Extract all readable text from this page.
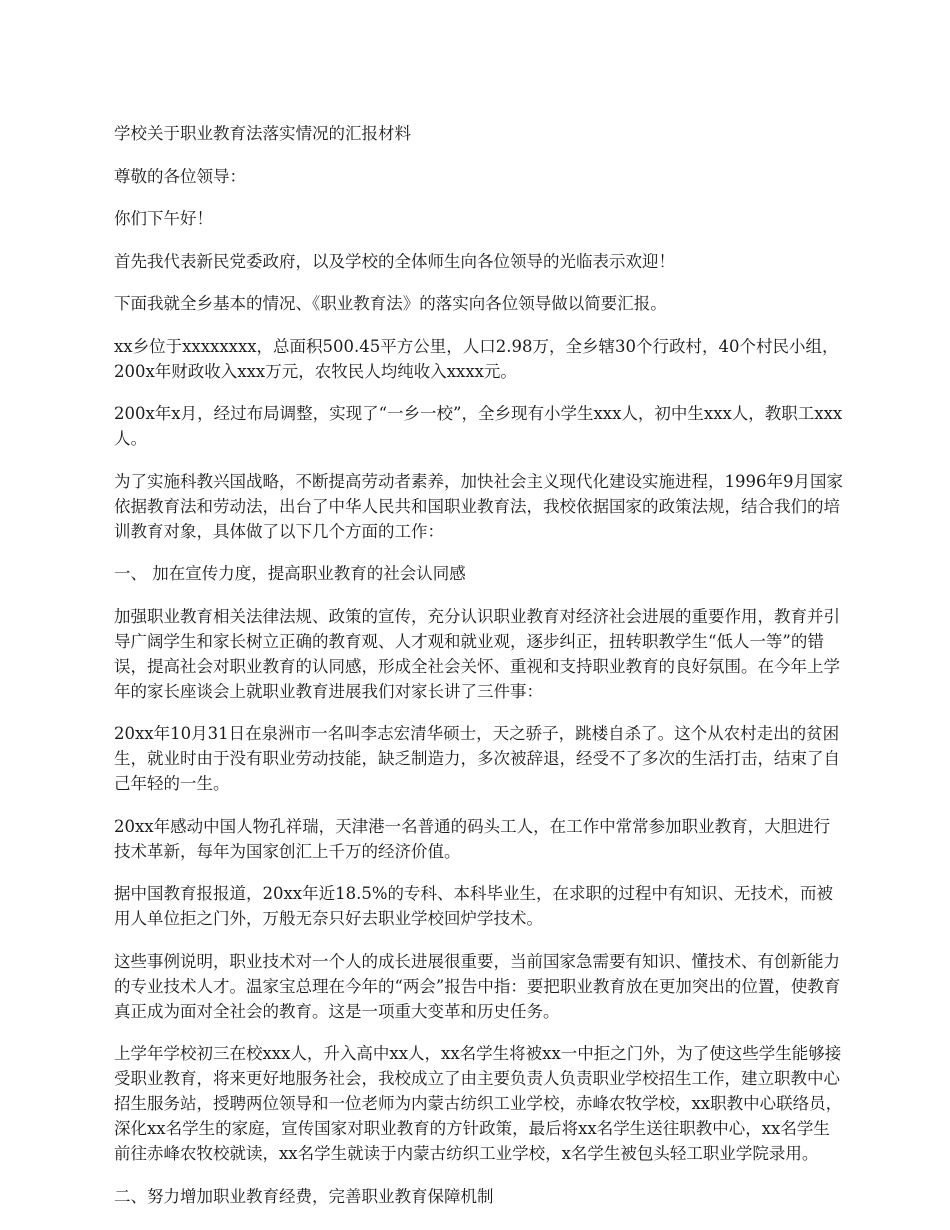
学校关于职业教育法落实情况的汇报材料

尊敬的各位领导：

你们下午好！

首先我代表新民党委政府，以及学校的全体师生向各位领导的光临表示欢迎！

下面我就全乡基本的情况、《职业教育法》的落实向各位领导做以简要汇报。

xx乡位于xxxxxxxx，总面积500.45平方公里，人口2.98万，全乡辖30个行政村，40个村民小组，200x年财政收入xxx万元，农牧民人均纯收入xxxx元。

200x年x月，经过布局调整，实现了“一乡一校”，全乡现有小学生xxx人，初中生xxx人，教职工xxx人。

为了实施科教兴国战略，不断提高劳动者素养，加快社会主义现代化建设实施进程，1996年9月国家依据教育法和劳动法，出台了中华人民共和国职业教育法，我校依据国家的政策法规，结合我们的培训教育对象，具体做了以下几个方面的工作：

一、 加在宣传力度，提高职业教育的社会认同感

加强职业教育相关法律法规、政策的宣传，充分认识职业教育对经济社会进展的重要作用，教育并引导广阔学生和家长树立正确的教育观、人才观和就业观，逐步纠正，扭转职教学生“低人一等”的错误，提高社会对职业教育的认同感，形成全社会关怀、重视和支持职业教育的良好氛围。在今年上学年的家长座谈会上就职业教育进展我们对家长讲了三件事：

20xx年10月31日在泉洲市一名叫李志宏清华硕士，天之骄子，跳楼自杀了。这个从农村走出的贫困生，就业时由于没有职业劳动技能，缺乏制造力，多次被辞退，经受不了多次的生活打击，结束了自己年轻的一生。

20xx年感动中国人物孔祥瑞，天津港一名普通的码头工人，在工作中常常参加职业教育，大胆进行技术革新，每年为国家创汇上千万的经济价值。

据中国教育报报道，20xx年近18.5%的专科、本科毕业生，在求职的过程中有知识、无技术，而被用人单位拒之门外，万般无奈只好去职业学校回炉学技术。

这些事例说明，职业技术对一个人的成长进展很重要，当前国家急需要有知识、懂技术、有创新能力的专业技术人才。温家宝总理在今年的“两会”报告中指：要把职业教育放在更加突出的位置，使教育真正成为面对全社会的教育。这是一项重大变革和历史任务。

上学年学校初三在校xxx人，升入高中xx人，xx名学生将被xx一中拒之门外，为了使这些学生能够接受职业教育，将来更好地服务社会，我校成立了由主要负责人负责职业学校招生工作，建立职教中心招生服务站，授聘两位领导和一位老师为内蒙古纺织工业学校，赤峰农牧学校，xx职教中心联络员，深化xx名学生的家庭，宣传国家对职业教育的方针政策，最后将xx名学生送往职教中心，xx名学生前往赤峰农牧校就读，xx名学生就读于内蒙古纺织工业学校，x名学生被包头轻工职业学院录用。

二、努力增加职业教育经费，完善职业教育保障机制
